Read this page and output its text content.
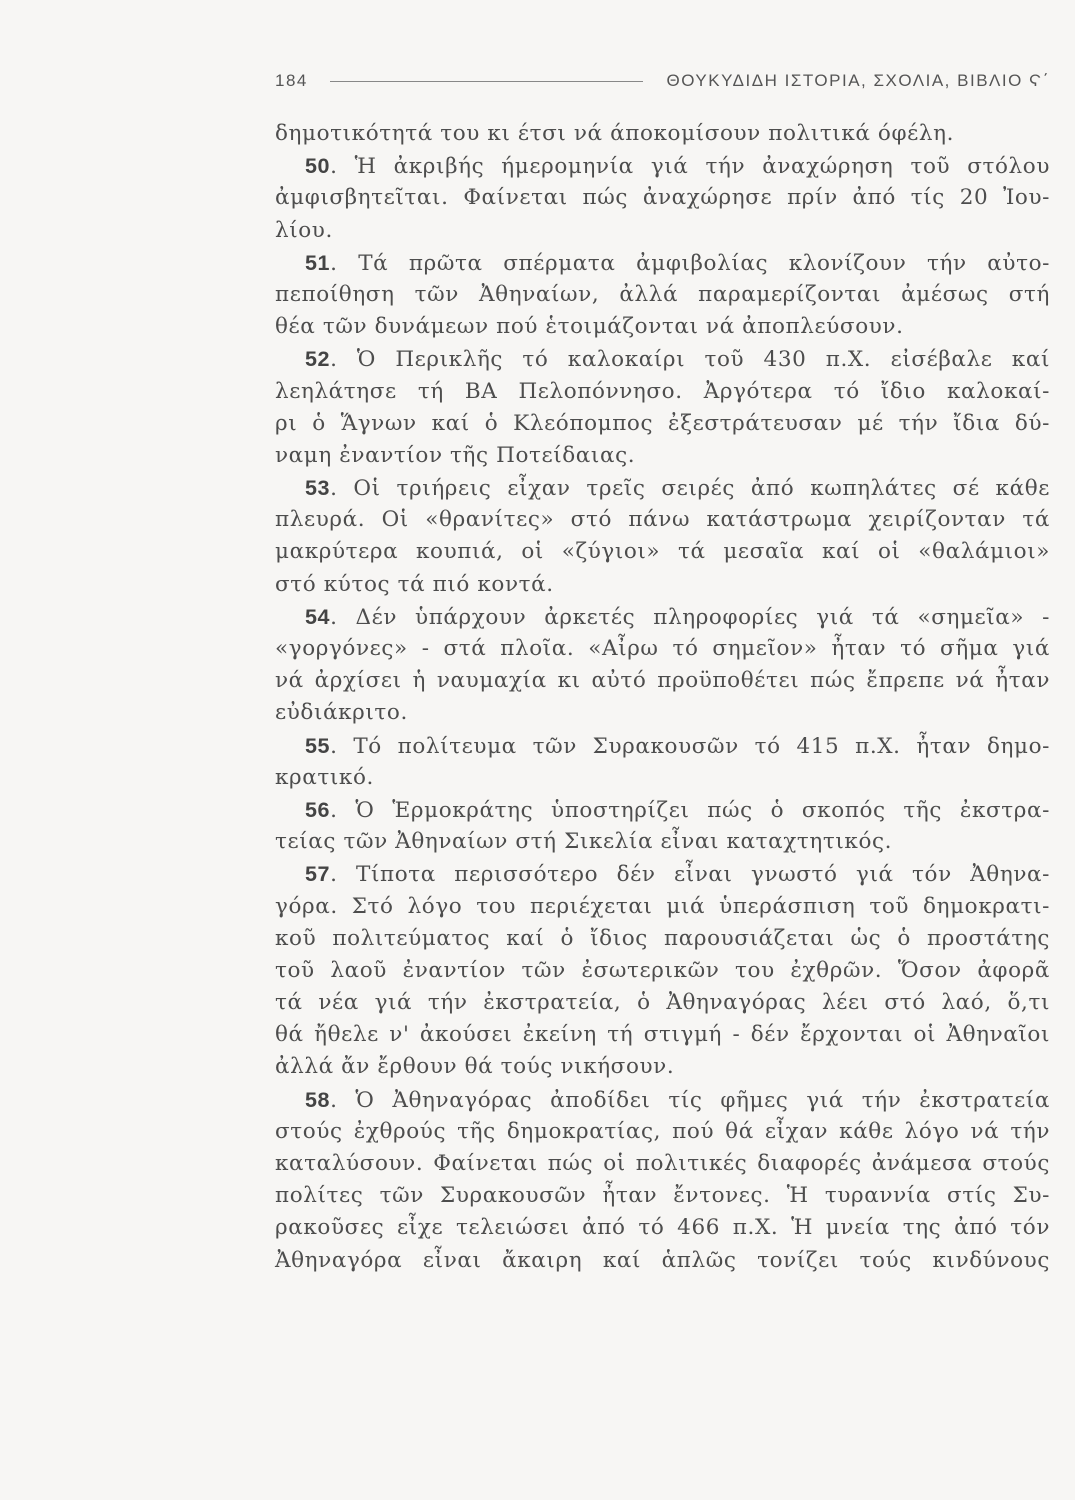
184	ΘΟΥΚΥΔΙΔΗ ΙΣΤΟΡΙΑ, ΣΧΟΛΙΑ, ΒΙΒΛΙΟ Ϛ΄
δημοτικότητά του κι έτσι νά άποκομίσουν πολιτικά όφέλη.
50. Ἡ ἀκριβής ήμερομηνία γιά τήν ἀναχώρηση τοῦ στόλου
ἀμφισβητεῖται. Φαίνεται πώς ἀναχώρησε πρίν ἀπό τίς 20 Ἰου-
λίου.
51. Τά πρῶτα σπέρματα ἀμφιβολίας κλονίζουν τήν αὐτο-
πεποίθηση τῶν Ἀθηναίων, ἀλλά παραμερίζονται ἀμέσως στή
θέα τῶν δυνάμεων πού ἑτοιμάζονται νά ἀποπλεύσουν.
52. Ὁ Περικλῆς τό καλοκαίρι τοῦ 430 π.Χ. εἰσέβαλε καί
λεηλάτησε τή ΒΑ Πελοπόννησο. Ἀργότερα τό ἴδιο καλοκαί-
ρι ὁ Ἅγνων καί ὁ Κλεόπομπος ἐξεστράτευσαν μέ τήν ἴδια δύ-
ναμη ἐναντίον τῆς Ποτείδαιας.
53. Οἱ τριήρεις εἶχαν τρεῖς σειρές ἀπό κωπηλάτες σέ κάθε
πλευρά. Οἱ «θρανίτες» στό πάνω κατάστρωμα χειρίζονταν τά
μακρύτερα κουπιά, οἱ «ζύγιοι» τά μεσαῖα καί οἱ «θαλάμιοι»
στό κύτος τά πιό κοντά.
54. Δέν ὑπάρχουν ἀρκετές πληροφορίες γιά τά «σημεῖα» -
«γοργόνες» - στά πλοῖα. «Αἶρω τό σημεῖον» ἦταν τό σῆμα γιά
νά ἀρχίσει ἡ ναυμαχία κι αὐτό προϋποθέτει πώς ἔπρεπε νά ἦταν
εὐδιάκριτο.
55. Τό πολίτευμα τῶν Συρακουσῶν τό 415 π.Χ. ἦταν δημο-
κρατικό.
56. Ὁ Ἑρμοκράτης ὑποστηρίζει πώς ὁ σκοπός τῆς ἐκστρα-
τείας τῶν Ἀθηναίων στή Σικελία εἶναι καταχτητικός.
57. Τίποτα περισσότερο δέν εἶναι γνωστό γιά τόν Ἀθηνα-
γόρα. Στό λόγο του περιέχεται μιά ὑπεράσπιση τοῦ δημοκρατι-
κοῦ πολιτεύματος καί ὁ ἴδιος παρουσιάζεται ὡς ὁ προστάτης
τοῦ λαοῦ ἐναντίον τῶν ἐσωτερικῶν του ἐχθρῶν. Ὅσον ἀφορᾶ
τά νέα γιά τήν ἐκστρατεία, ὁ Ἀθηναγόρας λέει στό λαό, ὅ,τι
θά ἤθελε ν' ἀκούσει ἐκείνη τή στιγμή - δέν ἔρχονται οἱ Ἀθηναῖοι
ἀλλά ἄν ἔρθουν θά τούς νικήσουν.
58. Ὁ Ἀθηναγόρας ἀποδίδει τίς φῆμες γιά τήν ἐκστρατεία
στούς ἐχθρούς τῆς δημοκρατίας, πού θά εἶχαν κάθε λόγο νά τήν
καταλύσουν. Φαίνεται πώς οἱ πολιτικές διαφορές ἀνάμεσα στούς
πολίτες τῶν Συρακουσῶν ἦταν ἔντονες. Ἡ τυραννία στίς Συ-
ρακοῦσες εἶχε τελειώσει ἀπό τό 466 π.Χ. Ἡ μνεία της ἀπό τόν
Ἀθηναγόρα εἶναι ἄκαιρη καί ἁπλῶς τονίζει τούς κινδύνους
